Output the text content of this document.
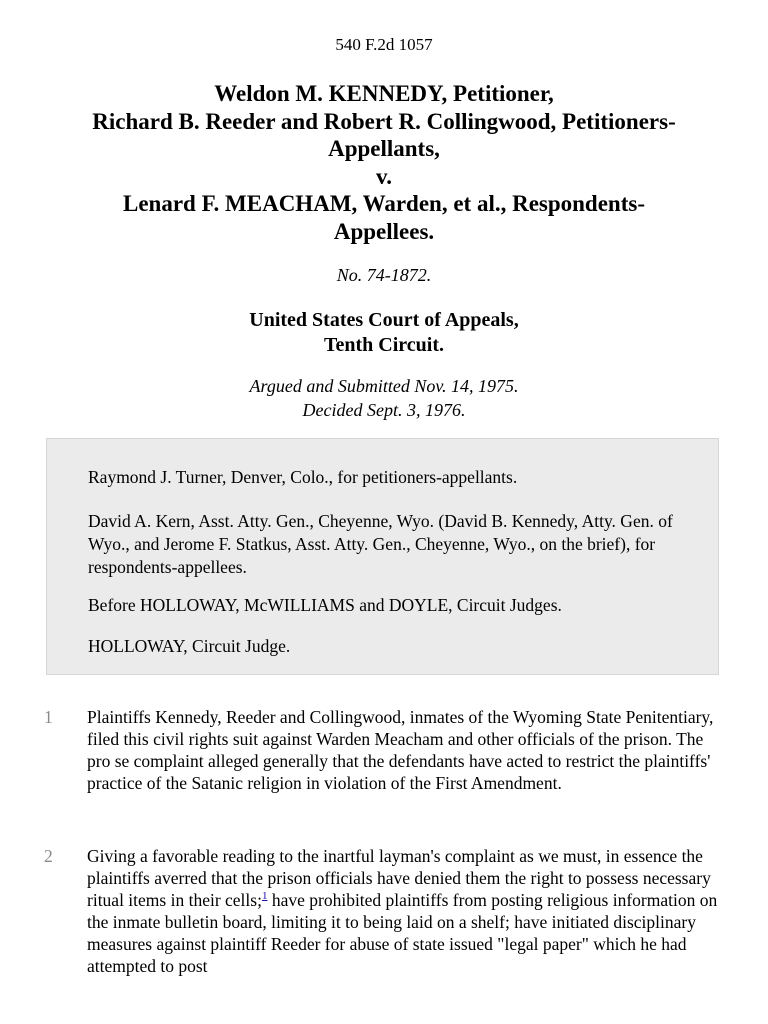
540 F.2d 1057
Weldon M. KENNEDY, Petitioner,
Richard B. Reeder and Robert R. Collingwood, Petitioners-
Appellants,
v.
Lenard F. MEACHAM, Warden, et al., Respondents-
Appellees.
No. 74-1872.
United States Court of Appeals,
Tenth Circuit.
Argued and Submitted Nov. 14, 1975.
Decided Sept. 3, 1976.

Raymond J. Turner, Denver, Colo., for petitioners-appellants.

David A. Kern, Asst. Atty. Gen., Cheyenne, Wyo. (David B. Kennedy, Atty. Gen. of Wyo., and Jerome F. Statkus, Asst. Atty. Gen., Cheyenne, Wyo., on the brief), for respondents-appellees.

Before HOLLOWAY, McWILLIAMS and DOYLE, Circuit Judges.

HOLLOWAY, Circuit Judge.

1 Plaintiffs Kennedy, Reeder and Collingwood, inmates of the Wyoming State Penitentiary, filed this civil rights suit against Warden Meacham and other officials of the prison. The pro se complaint alleged generally that the defendants have acted to restrict the plaintiffs' practice of the Satanic religion in violation of the First Amendment.

2 Giving a favorable reading to the inartful layman's complaint as we must, in essence the plaintiffs averred that the prison officials have denied them the right to possess necessary ritual items in their cells;$^1$ have prohibited plaintiffs from posting religious information on the inmate bulletin board, limiting it to being laid on a shelf; have initiated disciplinary measures against plaintiff Reeder for abuse of state issued "legal paper" which he had attempted to post
